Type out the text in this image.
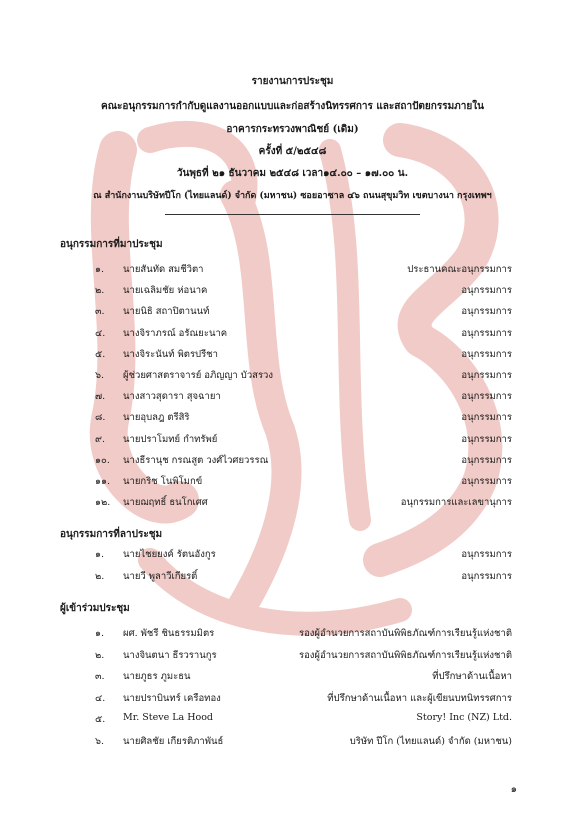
รายงานการประชุม
คณะอนุกรรมการกำกับดูแลงานออกแบบและก่อสร้างนิทรรศการ และสถาปัตยกรรมภายใน
อาคารกระทรวงพาณิชย์ (เดิม)
ครั้งที่ ๕/๒๕๔๘
วันพุธที่ ๒๑ ธันวาคม ๒๕๔๘ เวลา๑๔.๐๐ – ๑๗.๐๐ น.
ณ สำนักงานบริษัทปีโก (ไทยแลนด์) จำกัด (มหาชน) ซอยอาซาล ๔๖ ถนนสุขุมวิท เขตบางนา กรุงเทพฯ
อนุกรรมการที่มาประชุม
๑. นายสันทัด สมชีวิตา	ประธานคณะอนุกรรมการ
๒. นายเฉลิมชัย ห่อนาค	อนุกรรมการ
๓. นายนิธิ สถาปิตานนท์	อนุกรรมการ
๔. นางจิราภรณ์ อรัณยะนาค	อนุกรรมการ
๕. นางจิระนันท์ พิตรปรีชา	อนุกรรมการ
๖. ผู้ช่วยศาสตราจารย์ อภิญญา บัวสรวง	อนุกรรมการ
๗. นางสาวสุดารา สุจฉายา	อนุกรรมการ
๘. นายอุบลฎ ตรีสิริ	อนุกรรมการ
๙. นายปราโมทย์ กำทรัพย์	อนุกรรมการ
๑๐. นางธีรานุช กรณสูต วงศ์ไวศยวรรณ	อนุกรรมการ
๑๑. นายกริช โนพิโมกข์	อนุกรรมการ
๑๒. นายฌฤทธิ์ ธนโกเศศ	อนุกรรมการและเลขานุการ
อนุกรรมการที่ลาประชุม
๑. นายไชยยงค์ รัตนอังกูร	อนุกรรมการ
๒. นายวี พูลาวีเกียรติ์	อนุกรรมการ
ผู้เข้าร่วมประชุม
๑. ผศ. พัชรี ชินธรรมมิตร	รองผู้อำนวยการสถาบันพิพิธภัณฑ์การเรียนรู้แห่งชาติ
๒. นางจินตนา ธีรวรานกูร	รองผู้อำนวยการสถาบันพิพิธภัณฑ์การเรียนรู้แห่งชาติ
๓. นายภูธร ภูมะธน	ที่ปรึกษาด้านเนื้อหา
๔. นายปราบินทร์ เครือทอง	ที่ปรึกษาด้านเนื้อหา และผู้เขียนบทนิทรรศการ
๕. Mr. Steve La Hood	Story! Inc (NZ) Ltd.
๖. นายศิลชัย เกียรติภาพันธ์	บริษัท ปีโก (ไทยแลนด์) จำกัด (มหาชน)
๑
